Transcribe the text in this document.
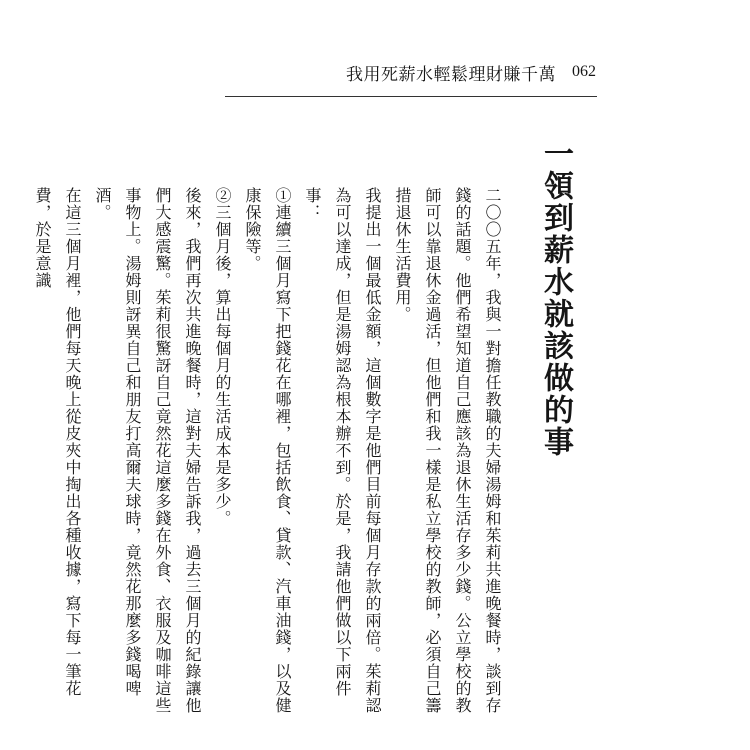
我用死薪水輕鬆理財賺千萬 062
一領到薪水就該做的事

二〇〇五年，我與一對擔任教職的夫婦湯姆和茱莉共進晚餐時，談到存錢的話題。他們希望知道自己應該為退休生活存多少錢。公立學校的教師可以靠退休金過活，但他們和我一樣是私立學校的教師，必須自己籌措退休生活費用。

我提出一個最低金額，這個數字是他們目前每個月存款的兩倍。茱莉認為可以達成，但是湯姆認為根本辦不到。於是，我請他們做以下兩件事：

①連續三個月寫下把錢花在哪裡，包括飲食、貸款、汽車油錢，以及健康保險等。

②三個月後，算出每個月的生活成本是多少。

後來，我們再次共進晚餐時，這對夫婦告訴我，過去三個月的紀錄讓他們大感震驚。茱莉很驚訝自己竟然花這麼多錢在外食、衣服及咖啡這些事物上。湯姆則訝異自己和朋友打高爾夫球時，竟然花那麼多錢喝啤酒。

在這三個月裡，他們每天晚上從皮夾中掏出各種收據，寫下每一筆花費，於是意識
